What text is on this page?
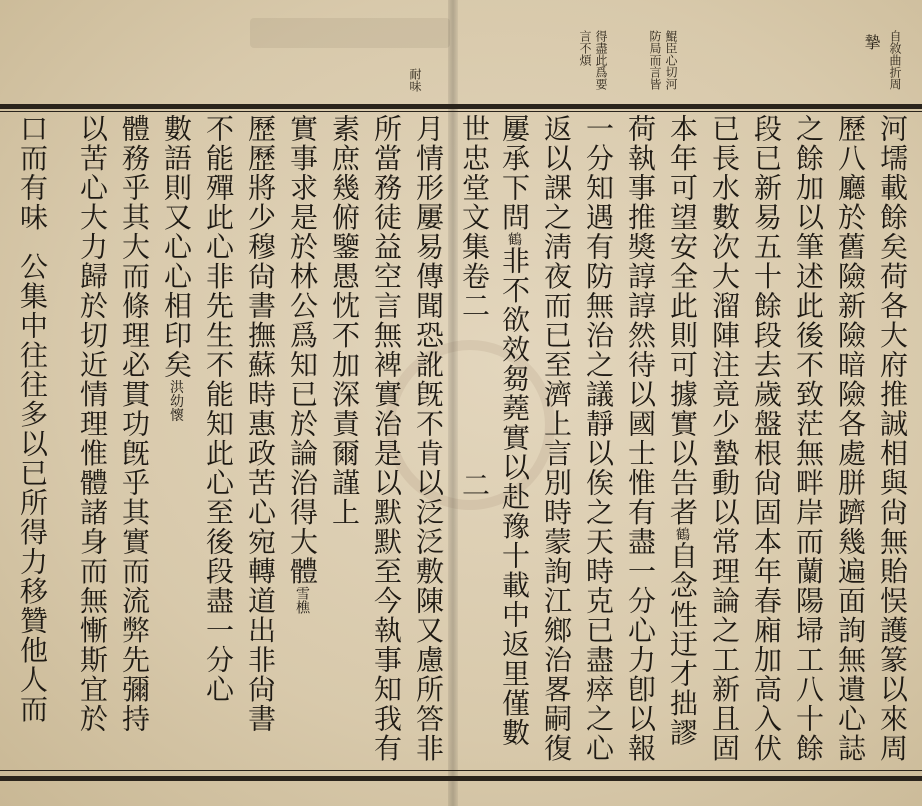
自敘曲折周
摯
鯤臣心切河
防局而言皆
得盡此爲要
言不煩
耐味
河壖載餘矣荷各大府推誠相與尙無貽悮護篆以來周
歷八廳於舊險新險暗險各處胼躋幾遍面詢無遺心誌
之餘加以筆述此後不致茫無畔岸而蘭陽埽工八十餘
段已新易五十餘段去歲盤根尙固本年春廂加高入伏
已長水數次大溜陣注竟少蟄動以常理論之工新且固
本年可望安全此則可據實以告者鶴自念性迂才拙謬
荷執事推獎諄諄然待以國士惟有盡一分心力卽以報
一分知遇有防無治之議靜以俟之天時克已盡瘁之心
返以課之淸夜而已至濟上言別時蒙詢江鄉治畧嗣復
屢承下問鶴非不欲效芻蕘實以赴豫十載中返里僅數
世忠堂文集卷二二
月情形屢易傳聞恐訛旣不肯以泛泛敷陳又慮所答非
所當務徒益空言無裨實治是以默默至今執事知我有
素庶幾俯鑒愚忱不加深責爾謹上
實事求是於林公爲知已於論治得大體雪樵
歷歷將少穆尙書撫蘇時惠政苦心宛轉道出非尙書
不能殫此心非先生不能知此心至後段盡一分心
數語則又心心相印矣洪幼懷
體務乎其大而條理必貫功旣乎其實而流弊先彌持
以苦心大力歸於切近情理惟體諸身而無慚斯宜於
口而有味公集中往往多以已所得力移贊他人而
